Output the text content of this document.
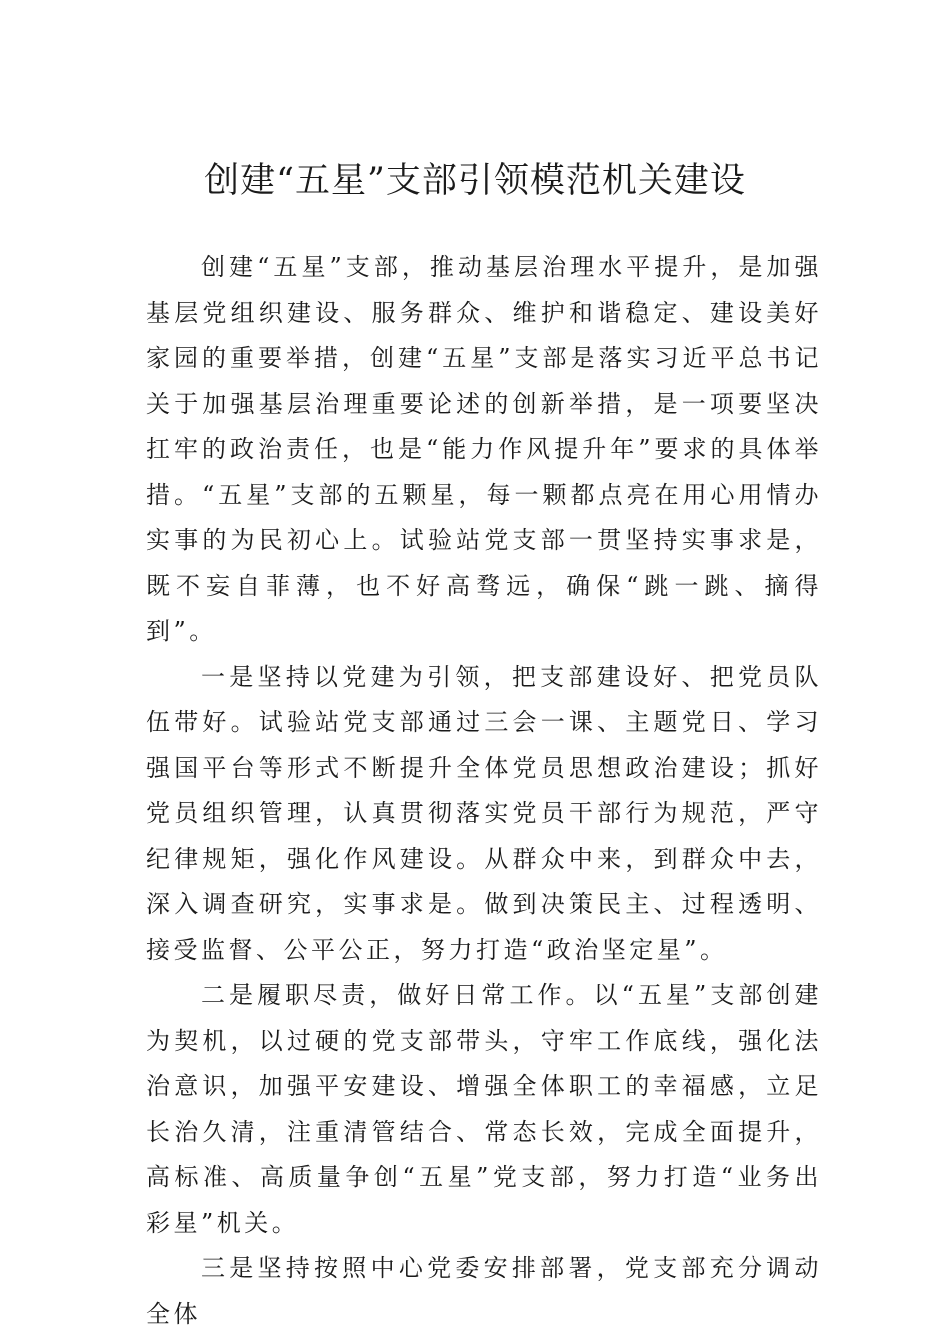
创建“五星”支部引领模范机关建设

创建“五星”支部，推动基层治理水平提升，是加强基层党组织建设、服务群众、维护和谐稳定、建设美好家园的重要举措，创建“五星”支部是落实习近平总书记关于加强基层治理重要论述的创新举措，是一项要坚决扛牢的政治责任，也是“能力作风提升年”要求的具体举措。“五星”支部的五颗星，每一颗都点亮在用心用情办实事的为民初心上。试验站党支部一贯坚持实事求是，既不妄自菲薄，也不好高骛远，确保“跳一跳、摘得到”。

一是坚持以党建为引领，把支部建设好、把党员队伍带好。试验站党支部通过三会一课、主题党日、学习强国平台等形式不断提升全体党员思想政治建设；抓好党员组织管理，认真贯彻落实党员干部行为规范，严守纪律规矩，强化作风建设。从群众中来，到群众中去，深入调查研究，实事求是。做到决策民主、过程透明、接受监督、公平公正，努力打造“政治坚定星”。

二是履职尽责，做好日常工作。以“五星”支部创建为契机，以过硬的党支部带头，守牢工作底线，强化法治意识，加强平安建设、增强全体职工的幸福感，立足长治久清，注重清管结合、常态长效，完成全面提升，高标准、高质量争创“五星”党支部，努力打造“业务出彩星”机关。

三是坚持按照中心党委安排部署，党支部充分调动全体
